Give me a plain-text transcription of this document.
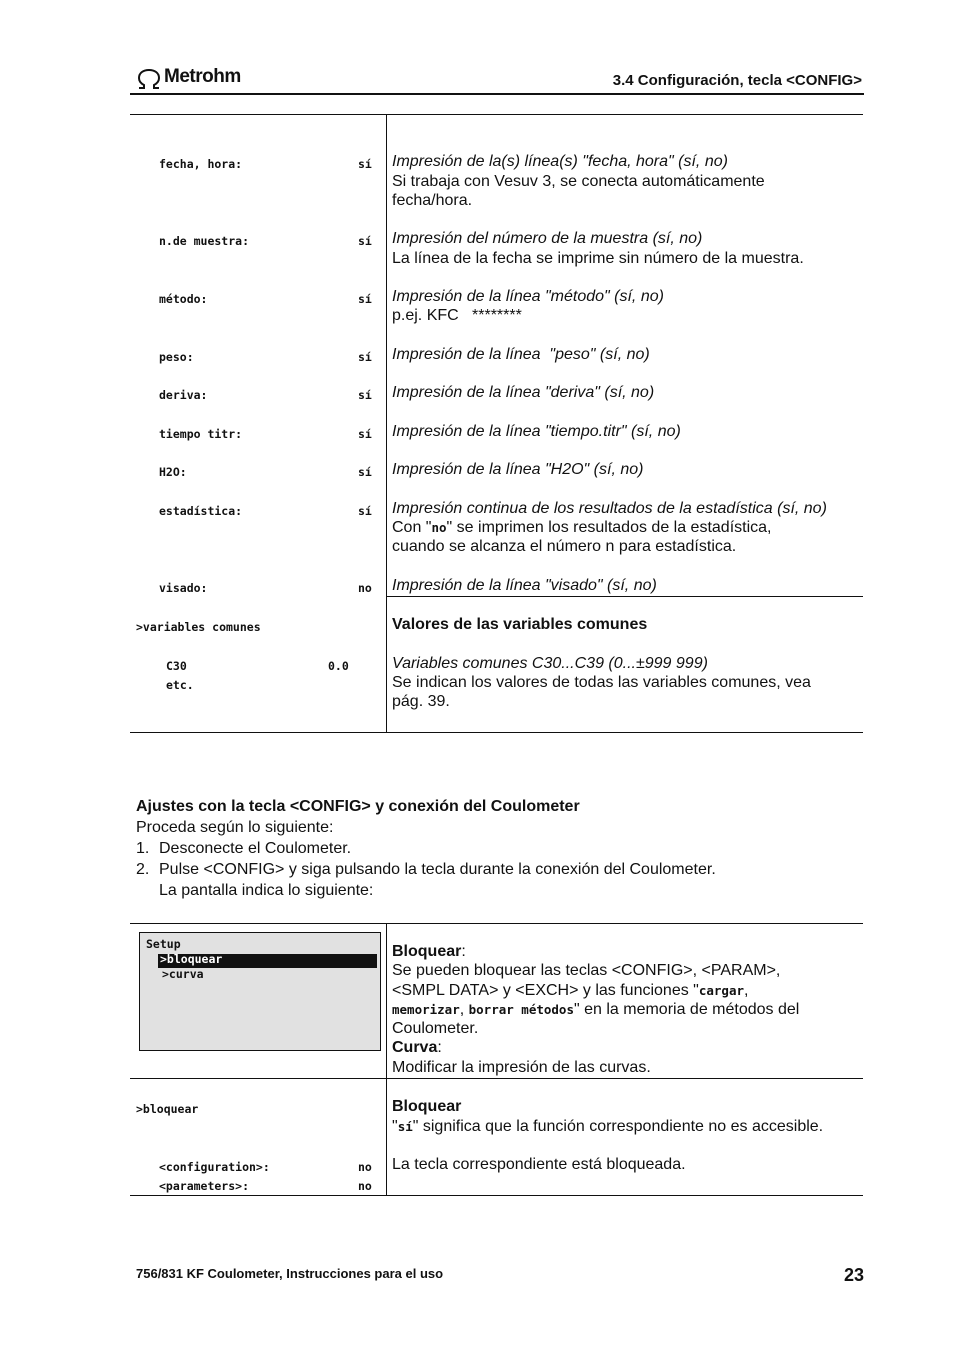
Metrohm	3.4 Configuración, tecla <CONFIG>
fecha, hora:	sí Impresión de la(s) línea(s) "fecha, hora" (sí, no)
Si trabaja con Vesuv 3, se conecta automáticamente
fecha/hora.
n.de muestra:	sí Impresión del número de la muestra (sí, no)
La línea de la fecha se imprime sin número de la muestra.
método:	sí Impresión de la línea "método" (sí, no)
p.ej. KFC   ********
peso:	sí Impresión de la línea  "peso" (sí, no)
deriva:	sí Impresión de la línea "deriva" (sí, no)
tiempo titr:	sí Impresión de la línea "tiempo.titr" (sí, no)
H2O:	sí Impresión de la línea "H2O" (sí, no)
estadística:	sí Impresión continua de los resultados de la estadística (sí, no)
Con "no" se imprimen los resultados de la estadística,
cuando se alcanza el número n para estadística.
visado:	no Impresión de la línea "visado" (sí, no)
>variables comunes	Valores de las variables comunes
C30	0.0
etc.
Variables comunes C30...C39 (0...±999 999)
Se indican los valores de todas las variables comunes, vea
pág. 39.
Ajustes con la tecla <CONFIG> y conexión del Coulometer
Proceda según lo siguiente:
1. Desconecte el Coulometer.
2. Pulse <CONFIG> y siga pulsando la tecla durante la conexión del Coulometer.
La pantalla indica lo siguiente:
Setup
>bloquear
>curva
Bloquear:
Se pueden bloquear las teclas <CONFIG>, <PARAM>,
<SMPL DATA> y <EXCH> y las funciones "cargar,
memorizar, borrar métodos" en la memoria de métodos del
Coulometer.
Curva:
Modificar la impresión de las curvas.
>bloquear	Bloquear
"sí" significa que la función correspondiente no es accesible.
<configuration>:	no
<parameters>:	no
La tecla correspondiente está bloqueada.
756/831 KF Coulometer, Instrucciones para el uso	23
